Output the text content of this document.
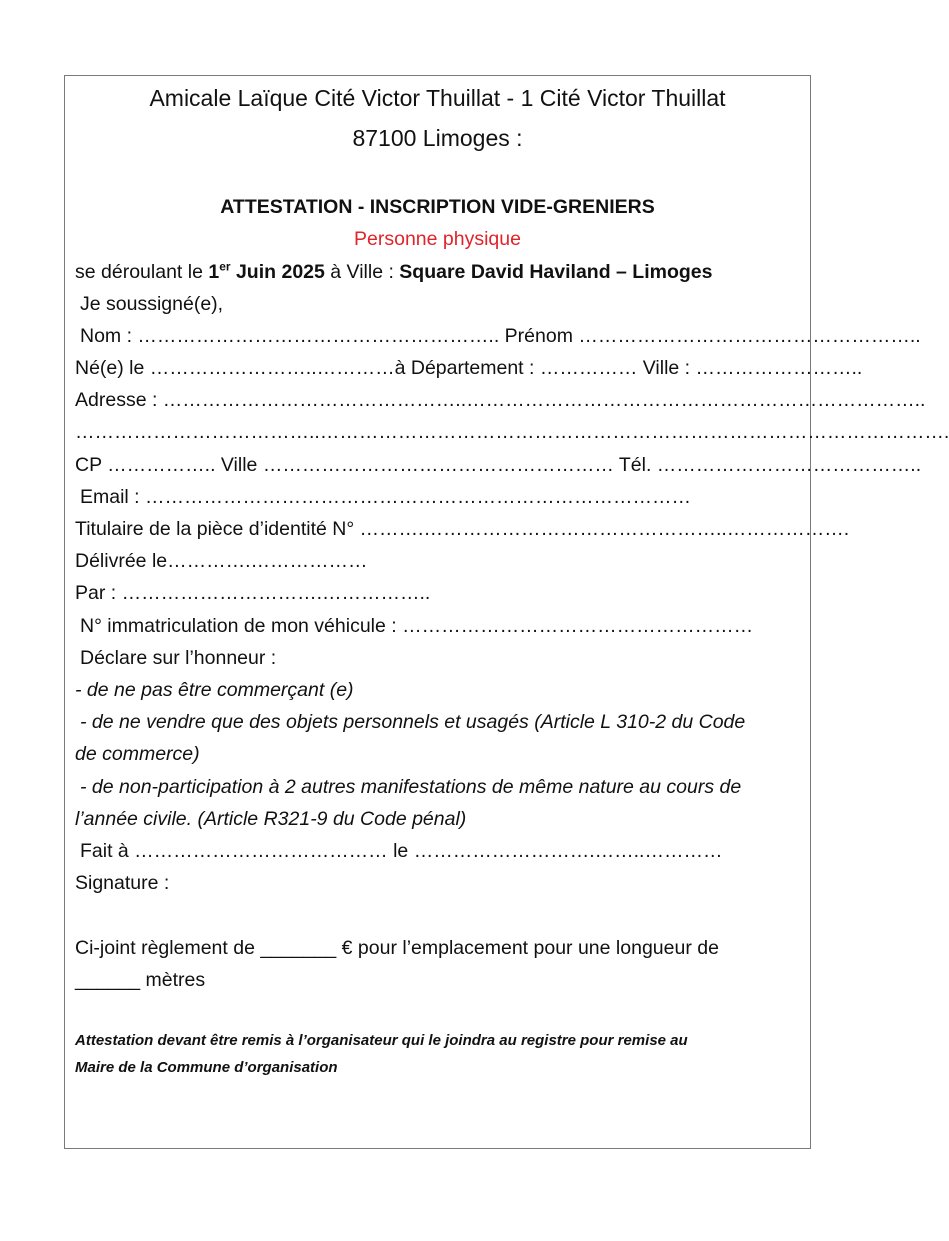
Amicale Laïque Cité Victor Thuillat - 1 Cité Victor Thuillat
87100 Limoges :
ATTESTATION - INSCRIPTION VIDE-GRENIERS
Personne physique
se déroulant le 1er Juin 2025 à Ville : Square David Haviland – Limoges
Je soussigné(e),
Nom : ……………………………………………….. Prénom ……………………………………………..
Né(e) le ……………………..…………à Département : …………… Ville : ……………………..
Adresse : ………………………………………..……………………………………………………………..
………………………………..…………………………………………………………………………………….
CP …………….. Ville ……………………………………………… Tél. …………………………………..
Email : …………………………………………………………………………
Titulaire de la pièce d’identité N° ……….………………………………………..……………….
Délivrée le………….………………
Par : ………………………….……………..
N° immatriculation de mon véhicule : ………………………………………………
Déclare sur l’honneur :
- de ne pas être commerçant (e)
- de ne vendre que des objets personnels et usagés (Article L 310-2 du Code
de commerce)
- de non-participation à 2 autres manifestations de même nature au cours de
l’année civile. (Article R321-9 du Code pénal)
Fait à ………………………………… le ……………………….……..…………
Signature :
Ci-joint règlement de _______ € pour l’emplacement pour une longueur de
______ mètres
Attestation devant être remis à l’organisateur qui le joindra au registre pour remise au
Maire de la Commune d’organisation
